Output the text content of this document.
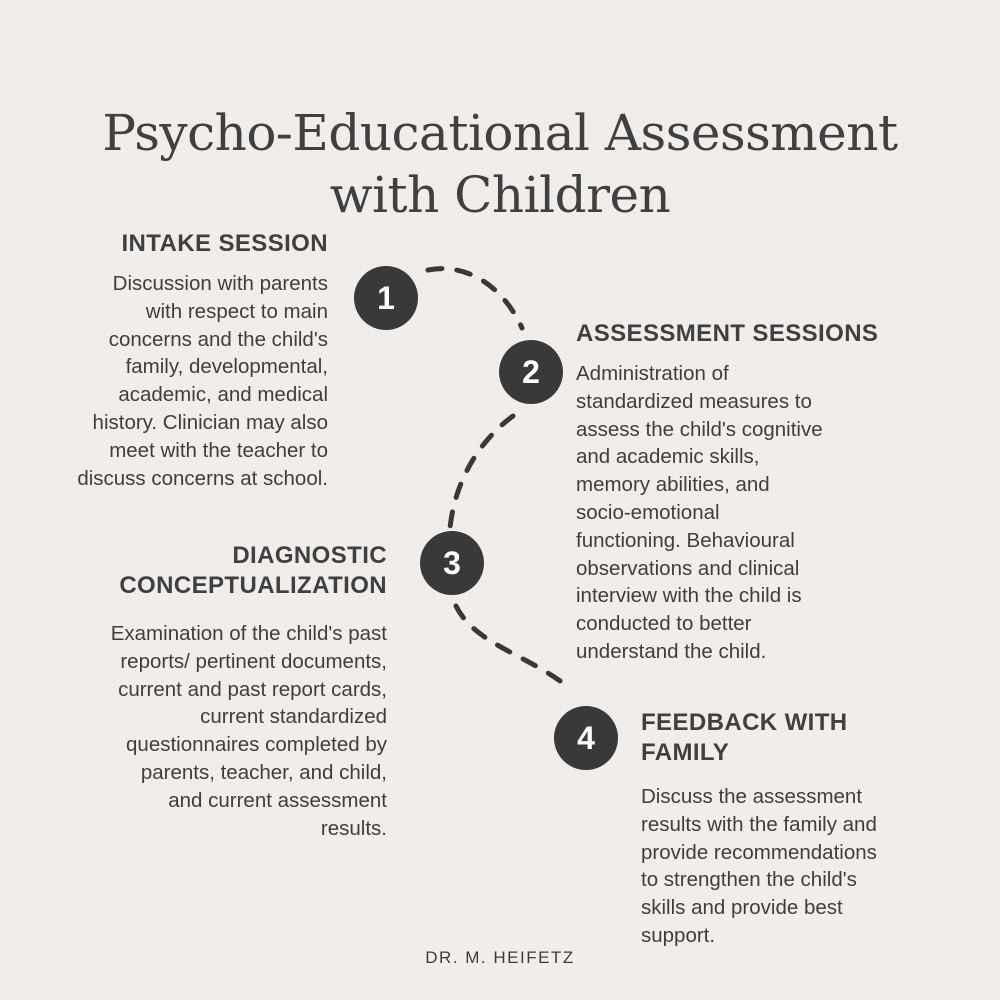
Psycho-Educational Assessment
with Children
1
INTAKE SESSION
Discussion with parents
with respect to main
concerns and the child's
family, developmental,
academic, and medical
history. Clinician may also
meet with the teacher to
discuss concerns at school.
2
ASSESSMENT SESSIONS
Administration of
standardized measures to
assess the child's cognitive
and academic skills,
memory abilities, and
socio-emotional
functioning. Behavioural
observations and clinical
interview with the child is
conducted to better
understand the child.
3
DIAGNOSTIC
CONCEPTUALIZATION
Examination of the child's past
reports/ pertinent documents,
current and past report cards,
current standardized
questionnaires completed by
parents, teacher, and child,
and current assessment
results.
4	FEEDBACK WITH
FAMILY
Discuss the assessment
results with the family and
provide recommendations
to strengthen the child's
skills and provide best
support.
DR. M. HEIFETZ
